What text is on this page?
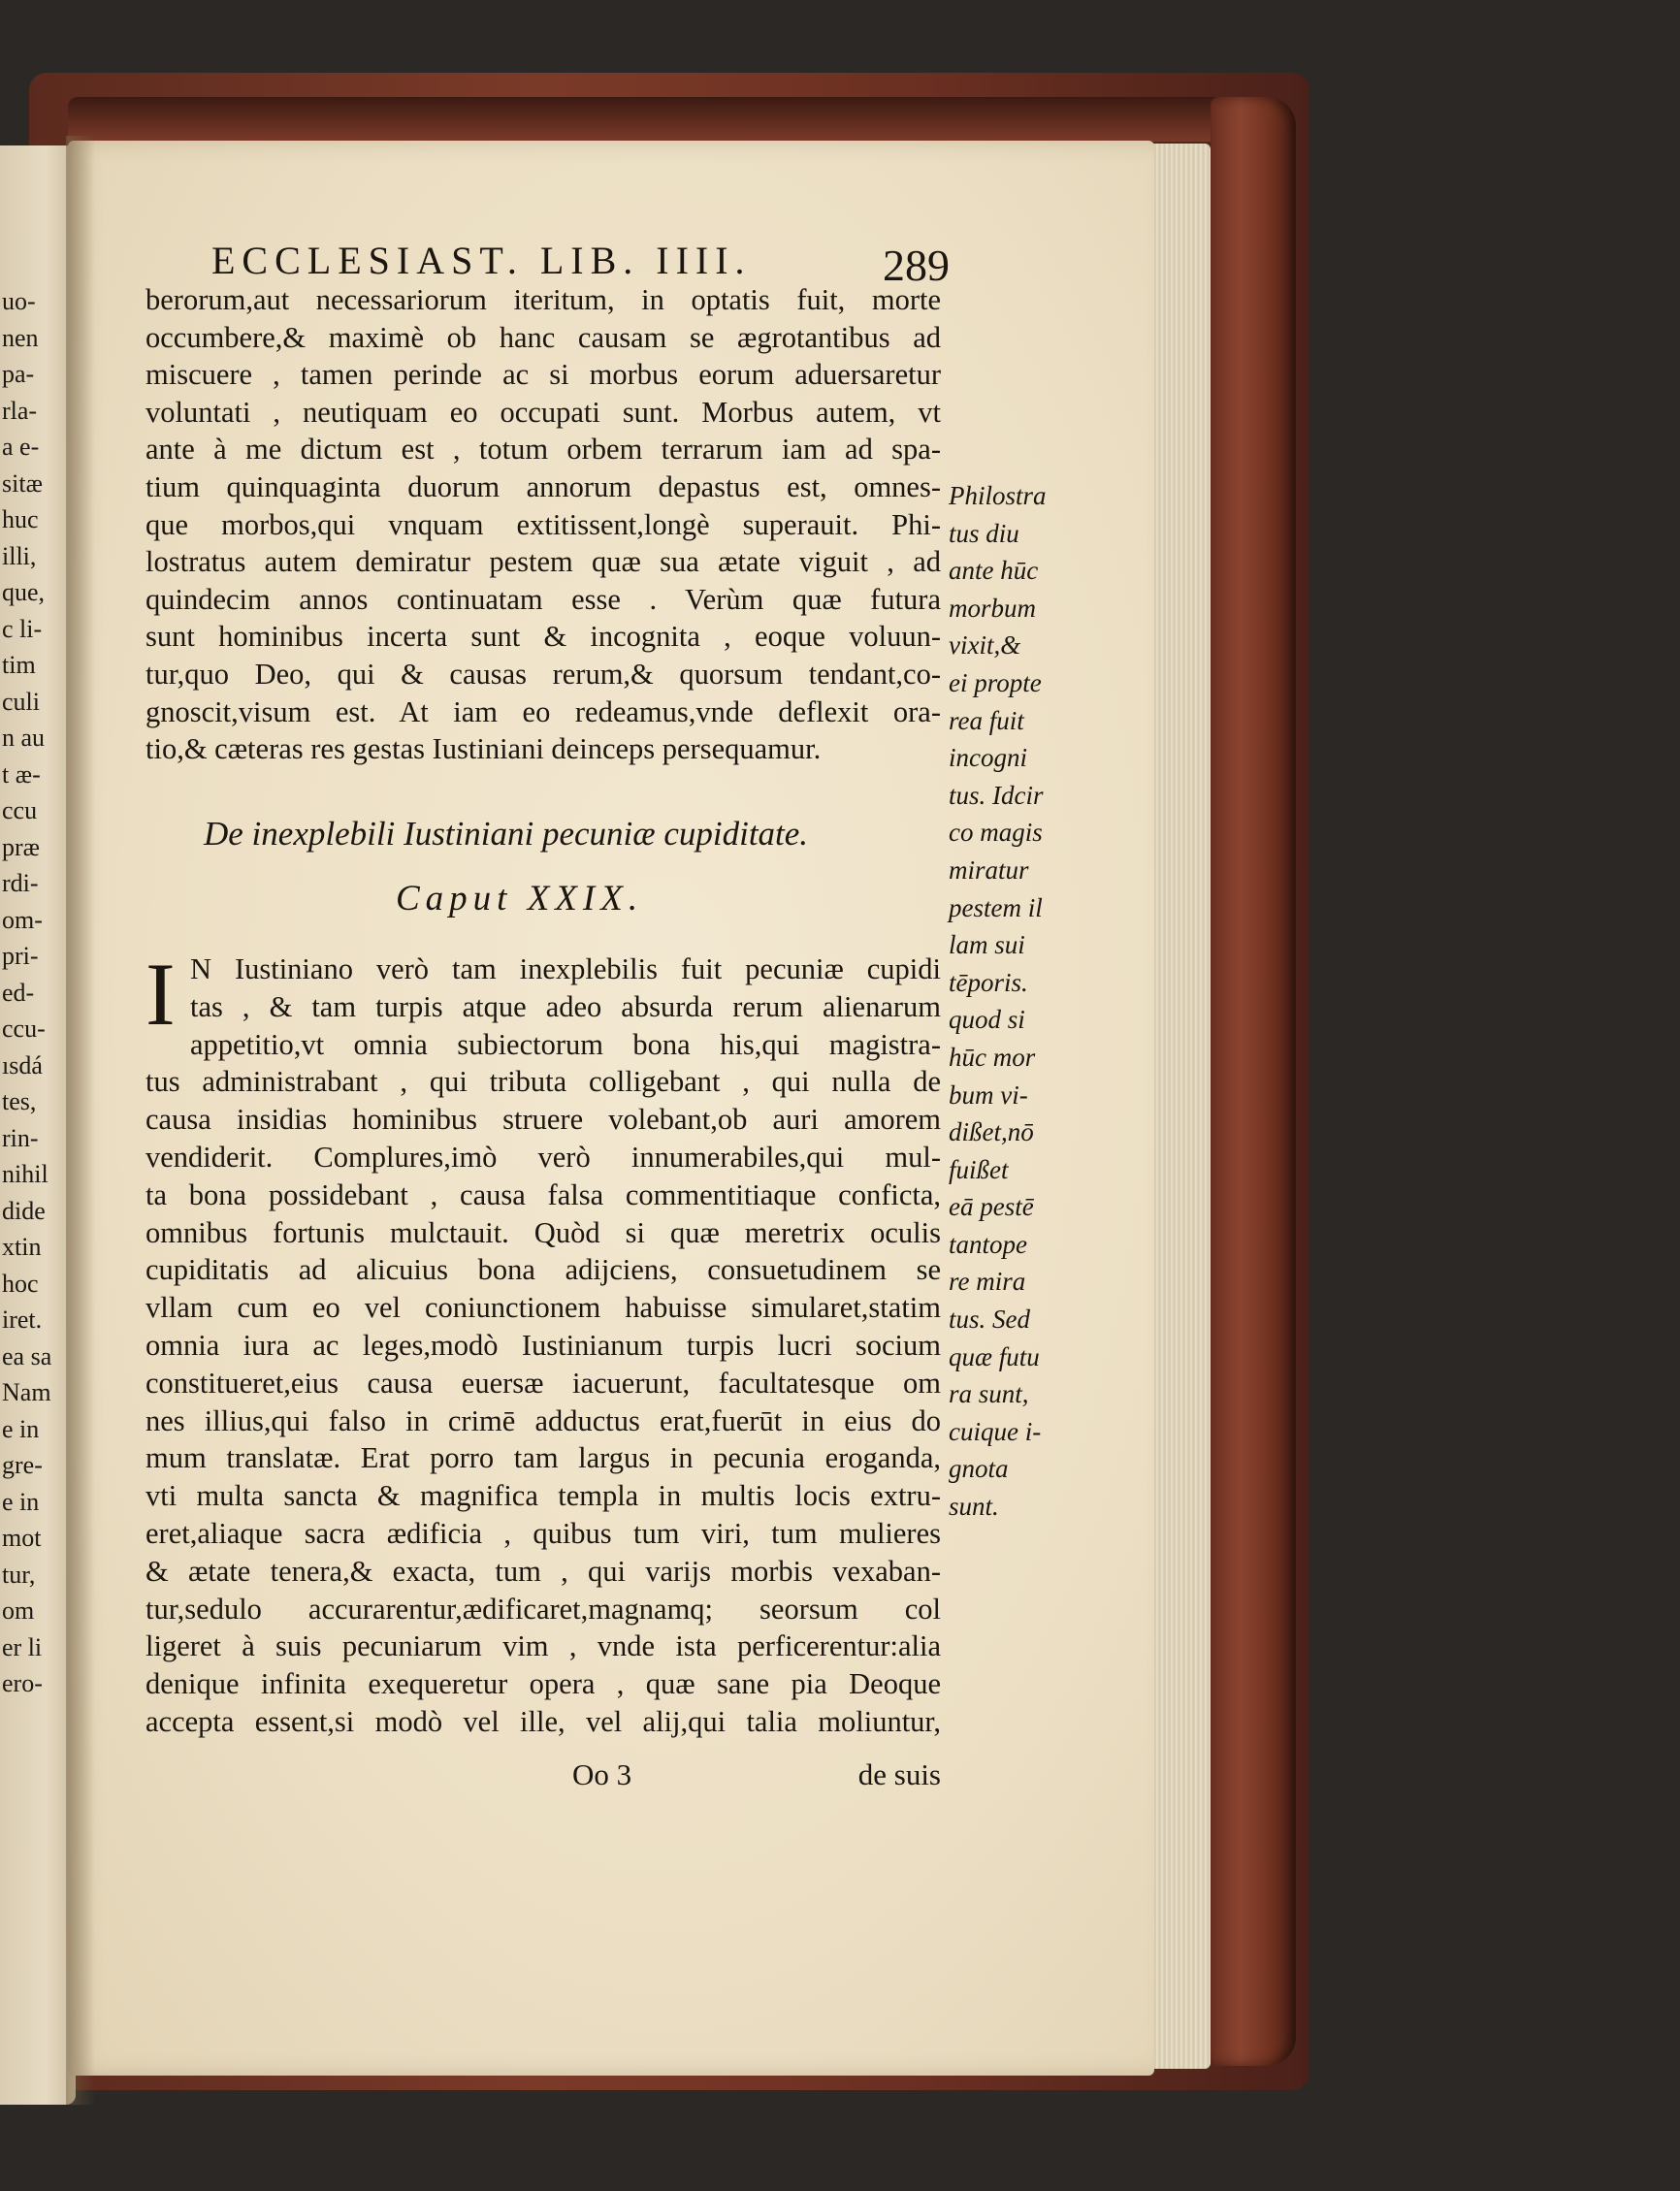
uo-
nen
pa-
rla-
a e-
sitæ
huc
illi,
que,
c li-
tim
culi
n au
t æ-
ccu
præ
rdi-
om-
pri-
ed-
ccu-
ısdá
tes,
rin-
nihil
dide
xtin
hoc
iret.
ea sa
Nam
e in
gre-
e in
mot
tur,
om
er li
ero-
ECCLESIAST. LIB. IIII.	289
berorum,aut necessariorum iteritum, in optatis fuit, morte
occumbere,& maximè ob hanc causam se ægrotantibus ad
miscuere , tamen perinde ac si morbus eorum aduersaretur
voluntati , neutiquam eo occupati sunt. Morbus autem, vt
ante à me dictum est , totum orbem terrarum iam ad spa-
tium quinquaginta duorum annorum depastus est, omnes-
que morbos,qui vnquam extitissent,longè superauit. Phi-
lostratus autem demiratur pestem quæ sua ætate viguit , ad
quindecim annos continuatam esse . Verùm quæ futura
sunt hominibus incerta sunt & incognita , eoque voluun-
tur,quo Deo, qui & causas rerum,& quorsum tendant,co-
gnoscit,visum est. At iam eo redeamus,vnde deflexit ora-
tio,& cæteras res gestas Iustiniani deinceps persequamur.
De inexplebili Iustiniani pecuniæ cupiditate.
Caput XXIX.
I N Iustiniano verò tam inexplebilis fuit pecuniæ cupidi
tas , & tam turpis atque adeo absurda rerum alienarum
appetitio,vt omnia subiectorum bona his,qui magistra-
tus administrabant , qui tributa colligebant , qui nulla de
causa insidias hominibus struere volebant,ob auri amorem
vendiderit. Complures,imò verò innumerabiles,qui mul-
ta bona possidebant , causa falsa commentitiaque conficta,
omnibus fortunis mulctauit. Quòd si quæ meretrix oculis
cupiditatis ad alicuius bona adijciens, consuetudinem se
vllam cum eo vel coniunctionem habuisse simularet,statim
omnia iura ac leges,modò Iustinianum turpis lucri socium
constitueret,eius causa euersæ iacuerunt, facultatesque om
nes illius,qui falso in crimē adductus erat,fuerūt in eius do
mum translatæ. Erat porro tam largus in pecunia eroganda,
vti multa sancta & magnifica templa in multis locis extru-
eret,aliaque sacra ædificia , quibus tum viri, tum mulieres
& ætate tenera,& exacta, tum , qui varijs morbis vexaban-
tur,sedulo accurarentur,ædificaret,magnamq; seorsum col
ligeret à suis pecuniarum vim , vnde ista perficerentur:alia
denique infinita exequeretur opera , quæ sane pia Deoque
accepta essent,si modò vel ille, vel alij,qui talia moliuntur,
Oo 3	de suis
Philostra
tus diu
ante hūc
morbum
vixit,&
ei propte
rea fuit
incogni
tus. Idcir
co magis
miratur
pestem il
lam sui
tēporis.
quod si
hūc mor
bum vi-
dißet,nō
fuißet
eā pestē
tantope
re mira
tus. Sed
quæ futu
ra sunt,
cuique i-
gnota
sunt.
